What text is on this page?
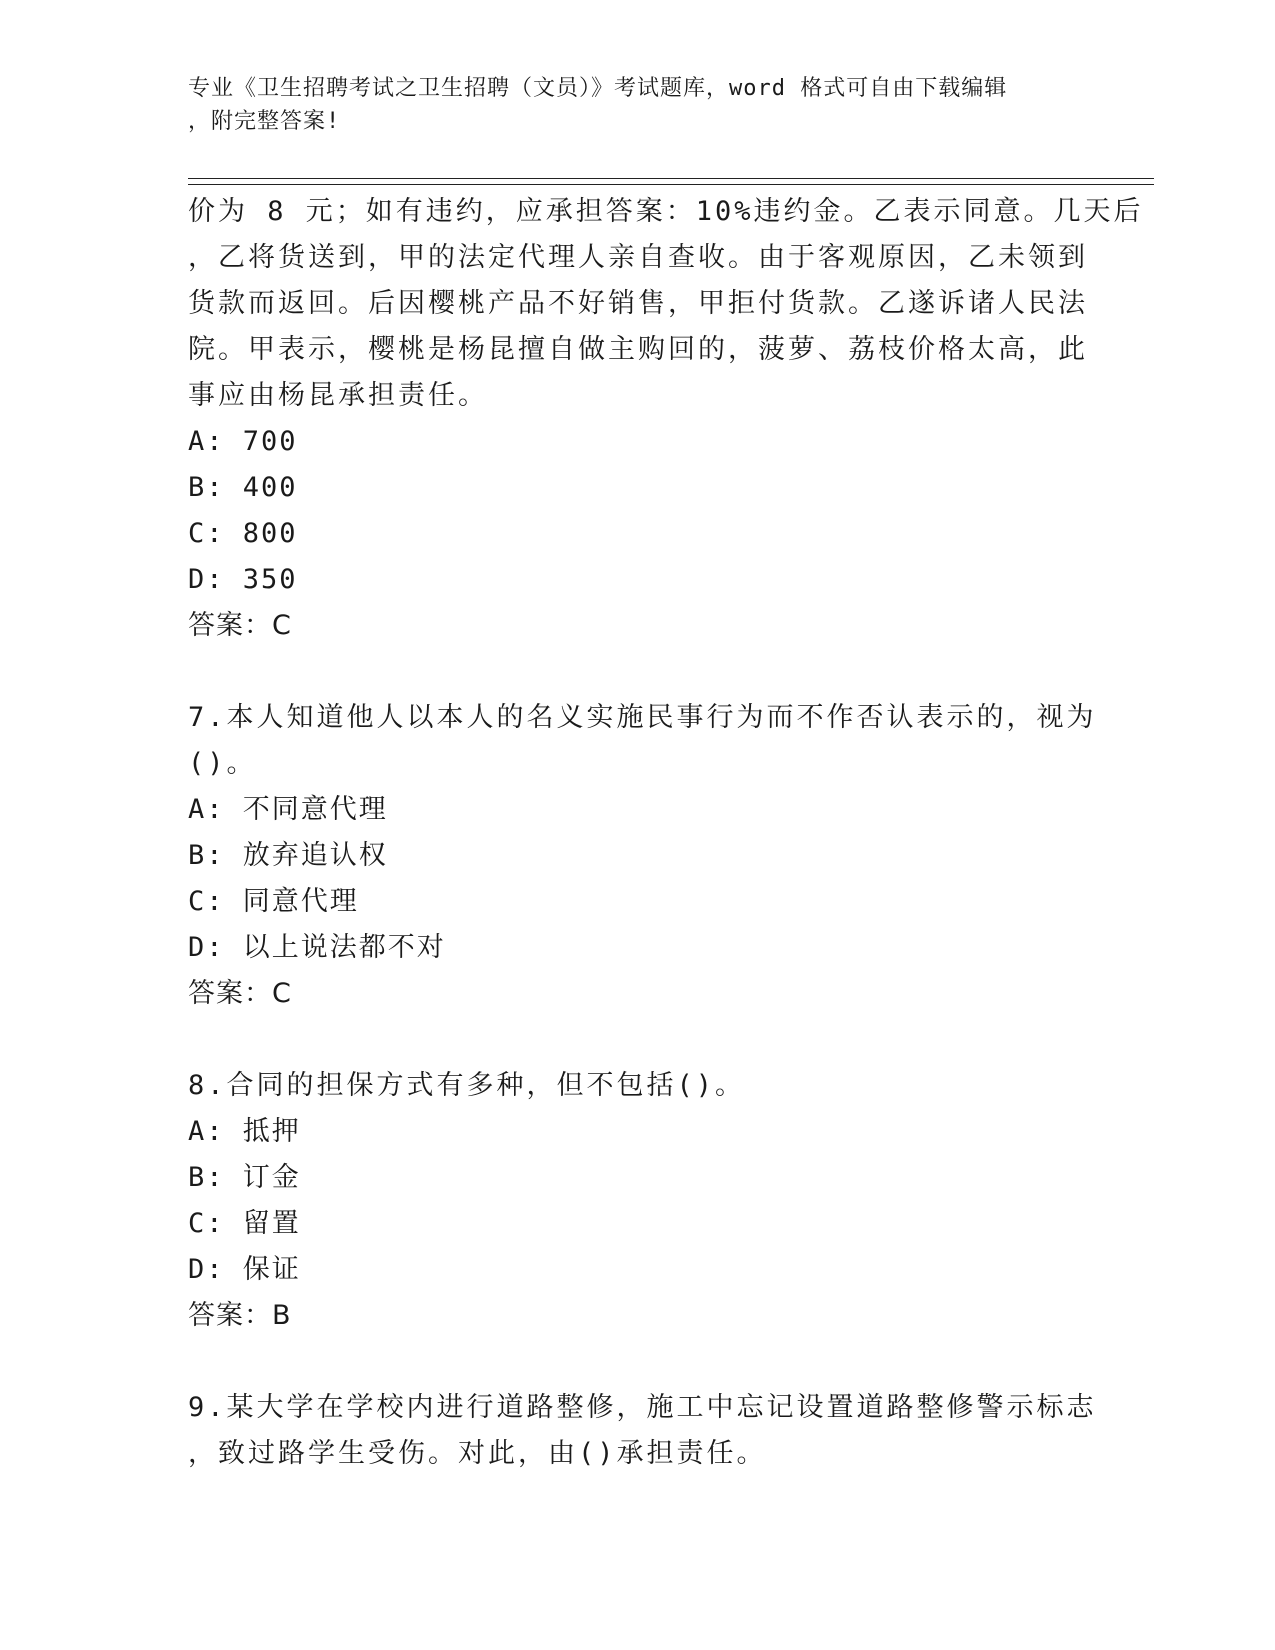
专业《卫生招聘考试之卫生招聘（文员）》考试题库，word 格式可自由下载编辑
，附完整答案!
价为 8 元；如有违约，应承担答案：10%违约金。乙表示同意。几天后
，乙将货送到，甲的法定代理人亲自查收。由于客观原因，乙未领到
货款而返回。后因樱桃产品不好销售，甲拒付货款。乙遂诉诸人民法
院。甲表示，樱桃是杨昆擅自做主购回的，菠萝、荔枝价格太高，此
事应由杨昆承担责任。
A: 700
B: 400
C: 800
D: 350
答案：C
7.本人知道他人以本人的名义实施民事行为而不作否认表示的，视为
()。
A: 不同意代理
B: 放弃追认权
C: 同意代理
D: 以上说法都不对
答案：C
8.合同的担保方式有多种，但不包括()。
A: 抵押
B: 订金
C: 留置
D: 保证
答案：B
9.某大学在学校内进行道路整修，施工中忘记设置道路整修警示标志
，致过路学生受伤。对此，由()承担责任。
